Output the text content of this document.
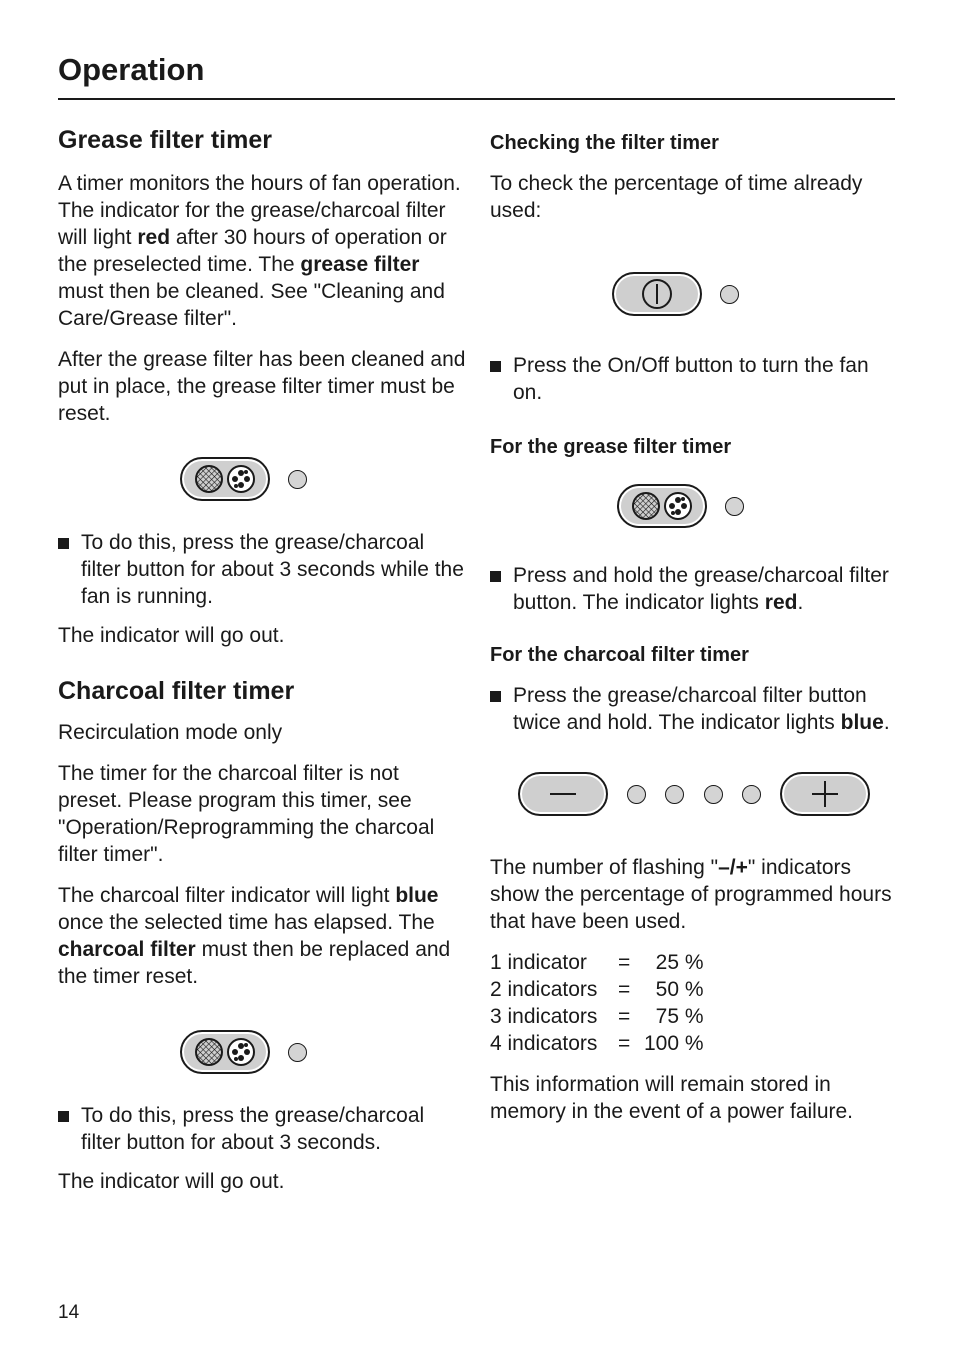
Operation
Grease filter timer

A timer monitors the hours of fan operation. The indicator for the grease/charcoal filter will light red after 30 hours of operation or the preselected time. The grease filter must then be cleaned. See "Cleaning and Care/Grease filter".

After the grease filter has been cleaned and put in place, the grease filter timer must be reset.

To do this, press the grease/charcoal filter button for about 3 seconds while the fan is running.

The indicator will go out.

Charcoal filter timer

Recirculation mode only

The timer for the charcoal filter is not preset. Please program this timer, see "Operation/Reprogramming the charcoal filter timer".

The charcoal filter indicator will light blue once the selected time has elapsed. The charcoal filter must then be replaced and the timer reset.

To do this, press the grease/charcoal filter button for about 3 seconds.

The indicator will go out.

Checking the filter timer

To check the percentage of time already used:

Press the On/Off button to turn the fan on.

For the grease filter timer

Press and hold the grease/charcoal filter button. The indicator lights red.

For the charcoal filter timer

Press the grease/charcoal filter button twice and hold. The indicator lights blue.

The number of flashing "–/+" indicators show the percentage of programmed hours that have been used.

1 indicator	=	25 %
2 indicators	=	50 %
3 indicators	=	75 %
4 indicators	=	100 %

This information will remain stored in memory in the event of a power failure.

14
